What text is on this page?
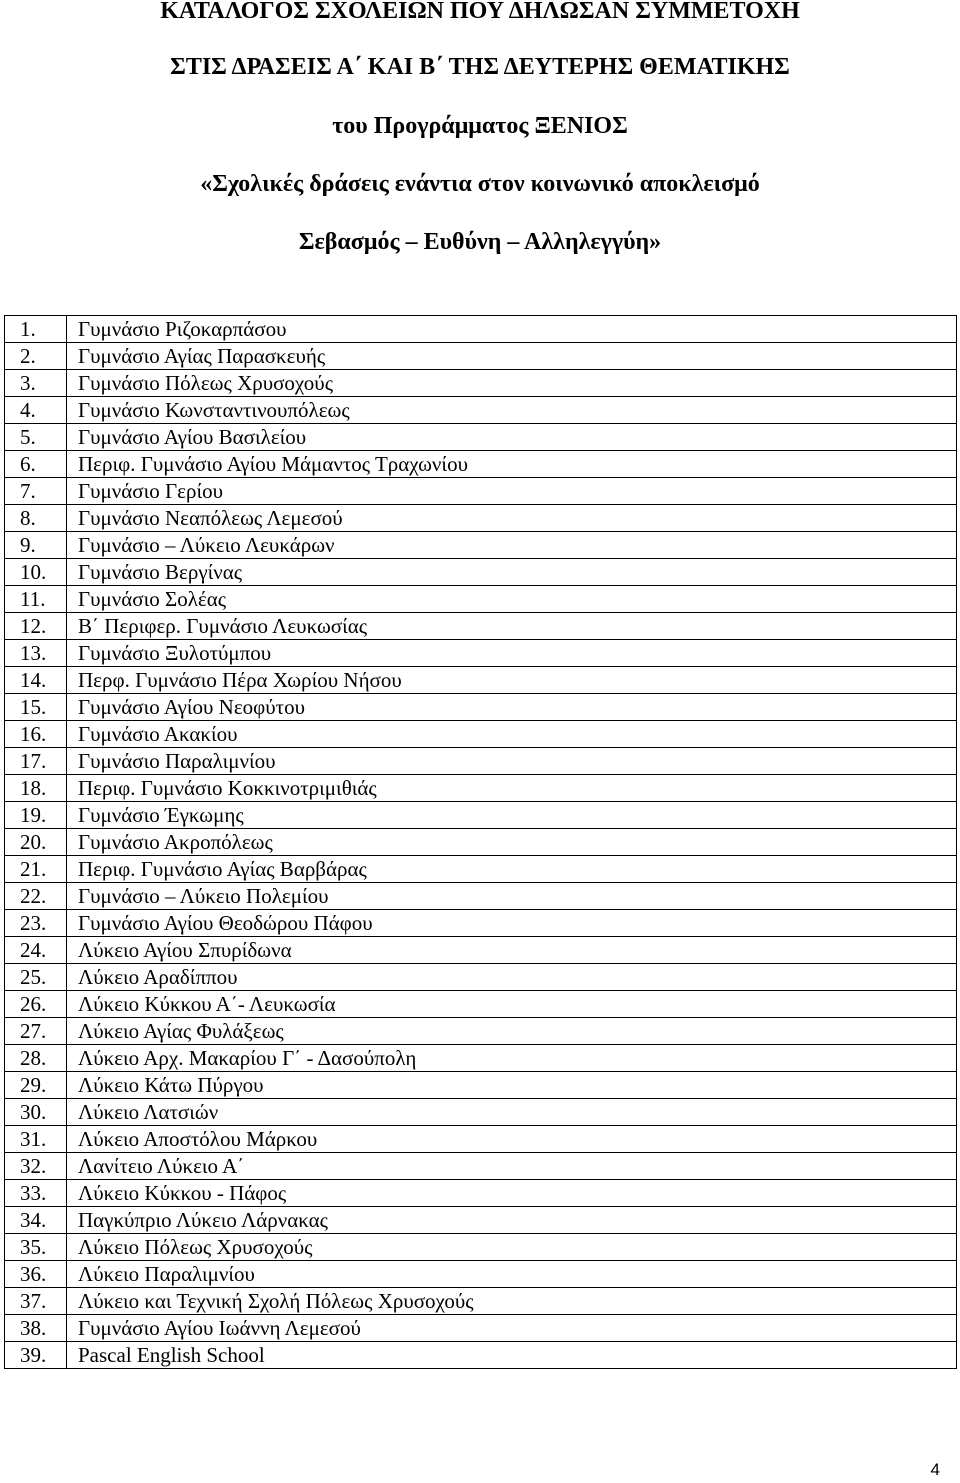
ΚΑΤΑΛΟΓΟΣ ΣΧΟΛΕΙΩΝ ΠΟΥ ΔΗΛΩΣΑΝ ΣΥΜΜΕΤΟΧΗ
ΣΤΙΣ ΔΡΑΣΕΙΣ Α΄ ΚΑΙ Β΄ ΤΗΣ ΔΕΥΤΕΡΗΣ ΘΕΜΑΤΙΚΗΣ
του Προγράμματος ΞΕΝΙΟΣ
«Σχολικές δράσεις ενάντια στον κοινωνικό αποκλεισμό
Σεβασμός – Ευθύνη – Αλληλεγγύη»
1.	Γυμνάσιο Ριζοκαρπάσου
2.	Γυμνάσιο Αγίας Παρασκευής
3.	Γυμνάσιο Πόλεως Χρυσοχούς
4.	Γυμνάσιο Κωνσταντινουπόλεως
5.	Γυμνάσιο Αγίου Βασιλείου
6.	Περιφ. Γυμνάσιο Αγίου Μάμαντος Τραχωνίου
7.	Γυμνάσιο Γερίου
8.	Γυμνάσιο Νεαπόλεως Λεμεσού
9.	Γυμνάσιο – Λύκειο Λευκάρων
10.	Γυμνάσιο Βεργίνας
11.	Γυμνάσιο Σολέας
12.	Β΄ Περιφερ. Γυμνάσιο Λευκωσίας
13.	Γυμνάσιο Ξυλοτύμπου
14.	Περφ. Γυμνάσιο Πέρα Χωρίου Νήσου
15.	Γυμνάσιο Αγίου Νεοφύτου
16.	Γυμνάσιο Ακακίου
17.	Γυμνάσιο Παραλιμνίου
18.	Περιφ. Γυμνάσιο Κοκκινοτριμιθιάς
19.	Γυμνάσιο Έγκωμης
20.	Γυμνάσιο Ακροπόλεως
21.	Περιφ. Γυμνάσιο Αγίας Βαρβάρας
22.	Γυμνάσιο – Λύκειο Πολεμίου
23.	Γυμνάσιο Αγίου Θεοδώρου Πάφου
24.	Λύκειο Αγίου Σπυρίδωνα
25.	Λύκειο Αραδίππου
26.	Λύκειο Κύκκου Α΄- Λευκωσία
27.	Λύκειο Αγίας Φυλάξεως
28.	Λύκειο Αρχ. Μακαρίου Γ΄ - Δασούπολη
29.	Λύκειο Κάτω Πύργου
30.	Λύκειο Λατσιών
31.	Λύκειο Αποστόλου Μάρκου
32.	Λανίτειο Λύκειο Α΄
33.	Λύκειο Κύκκου - Πάφος
34.	Παγκύπριο Λύκειο Λάρνακας
35.	Λύκειο Πόλεως Χρυσοχούς
36.	Λύκειο Παραλιμνίου
37.	Λύκειο και Τεχνική Σχολή Πόλεως Χρυσοχούς
38.	Γυμνάσιο Αγίου Ιωάννη Λεμεσού
39.	Pascal English School
4
